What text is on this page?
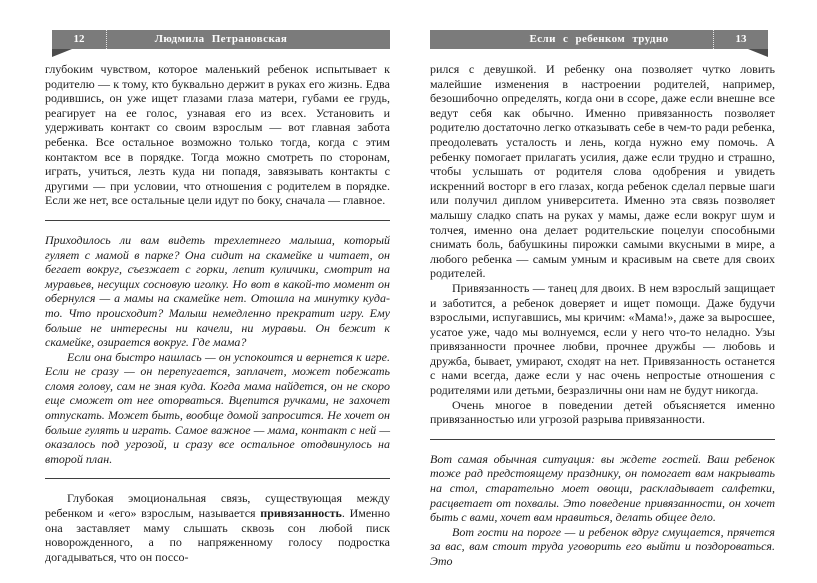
12	Людмила Петрановская

глубоким чувством, которое маленький ребенок испытывает к родителю — к тому, кто буквально держит в руках его жизнь. Едва родившись, он уже ищет глазами глаза матери, губами ее грудь, реагирует на ее голос, узнавая его из всех. Установить и удерживать контакт со своим взрослым — вот главная забота ребенка. Все остальное возможно только тогда, когда с этим контактом все в порядке. Тогда можно смотреть по сторонам, играть, учиться, лезть куда ни попадя, завязывать контакты с другими — при условии, что отношения с родителем в порядке. Если же нет, все остальные цели идут по боку, сначала — главное.

Приходилось ли вам видеть трехлетнего малыша, который гуляет с мамой в парке? Она сидит на скамейке и читает, он бегает вокруг, съезжает с горки, лепит куличики, смотрит на муравьев, несущих сосновую иголку. Но вот в какой-то момент он обернулся — а мамы на скамейке нет. Отошла на минутку куда-то. Что происходит? Малыш немедленно прекратит игру. Ему больше не интересны ни качели, ни муравьи. Он бежит к скамейке, озирается вокруг. Где мама?

Если она быстро нашлась — он успокоится и вернется к игре. Если не сразу — он перепугается, заплачет, может побежать сломя голову, сам не зная куда. Когда мама найдется, он не скоро еще сможет от нее оторваться. Вцепится ручками, не захочет отпускать. Может быть, вообще домой запросится. Не хочет он больше гулять и играть. Самое важное — мама, контакт с ней — оказалось под угрозой, и сразу все остальное отодвинулось на второй план.

Глубокая эмоциональная связь, существующая между ребенком и «его» взрослым, называется привязанность. Именно она заставляет маму слышать сквозь сон любой писк новорожденного, а по напряженному голосу подростка догадываться, что он поссо-

Если с ребенком трудно	13

рился с девушкой. И ребенку она позволяет чутко ловить малейшие изменения в настроении родителей, например, безошибочно определять, когда они в ссоре, даже если внешне все ведут себя как обычно. Именно привязанность позволяет родителю достаточно легко отказывать себе в чем-то ради ребенка, преодолевать усталость и лень, когда нужно ему помочь. А ребенку помогает прилагать усилия, даже если трудно и страшно, чтобы услышать от родителя слова одобрения и увидеть искренний восторг в его глазах, когда ребенок сделал первые шаги или получил диплом университета. Именно эта связь позволяет малышу сладко спать на руках у мамы, даже если вокруг шум и толчея, именно она делает родительские поцелуи способными снимать боль, бабушкины пирожки самыми вкусными в мире, а любого ребенка — самым умным и красивым на свете для своих родителей.

Привязанность — танец для двоих. В нем взрослый защищает и заботится, а ребенок доверяет и ищет помощи. Даже будучи взрослыми, испугавшись, мы кричим: «Мама!», даже за выросшее, усатое уже, чадо мы волнуемся, если у него что-то неладно. Узы привязанности прочнее любви, прочнее дружбы — любовь и дружба, бывает, умирают, сходят на нет. Привязанность останется с нами всегда, даже если у нас очень непростые отношения с родителями или детьми, безразличны они нам не будут никогда.

Очень многое в поведении детей объясняется именно привязанностью или угрозой разрыва привязанности.

Вот самая обычная ситуация: вы ждете гостей. Ваш ребенок тоже рад предстоящему празднику, он помогает вам накрывать на стол, старательно моет овощи, раскладывает салфетки, расцветает от похвалы. Это поведение привязанности, он хочет быть с вами, хочет вам нравиться, делать общее дело.

Вот гости на пороге — и ребенок вдруг смущается, прячется за вас, вам стоит труда уговорить его выйти и поздороваться. Это
